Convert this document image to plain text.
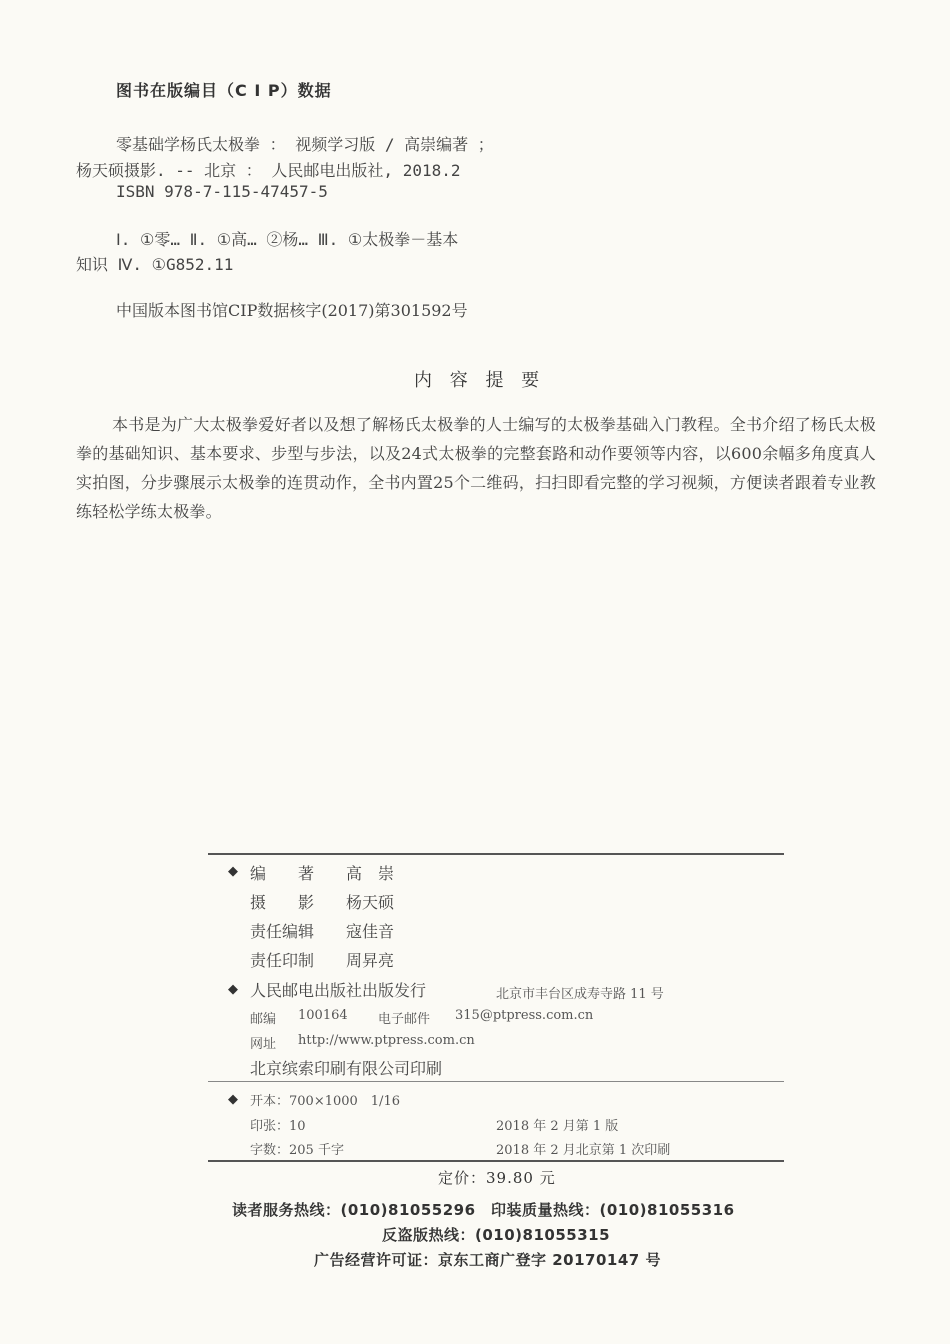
图书在版编目（C I P）数据
零基础学杨氏太极拳 ： 视频学习版 / 高崇编著 ；
杨天硕摄影. -- 北京 ： 人民邮电出版社, 2018.2
ISBN 978-7-115-47457-5
Ⅰ. ①零… Ⅱ. ①高… ②杨… Ⅲ. ①太极拳－基本
知识 Ⅳ. ①G852.11
中国版本图书馆CIP数据核字(2017)第301592号
内 容 提 要
本书是为广大太极拳爱好者以及想了解杨氏太极拳的人士编写的太极拳基础入门教程。全书介绍了杨氏太极拳的基础知识、基本要求、步型与步法，以及24式太极拳的完整套路和动作要领等内容，以600余幅多角度真人实拍图，分步骤展示太极拳的连贯动作，全书内置25个二维码，扫扫即看完整的学习视频，方便读者跟着专业教练轻松学练太极拳。
◆ 编　　著 高　崇
摄　　影 杨天硕
责任编辑 寇佳音
责任印制 周昇亮
◆ 人民邮电出版社出版发行	北京市丰台区成寿寺路 11 号
邮编 100164 电子邮件 315@ptpress.com.cn
网址 http://www.ptpress.com.cn
北京缤索印刷有限公司印刷
◆ 开本：700×1000　1/16
印张：10	2018 年 2 月第 1 版
字数：205 千字	2018 年 2 月北京第 1 次印刷
定价：39.80 元
读者服务热线：(010)81055296　印装质量热线：(010)81055316
反盗版热线：(010)81055315
广告经营许可证：京东工商广登字 20170147 号
